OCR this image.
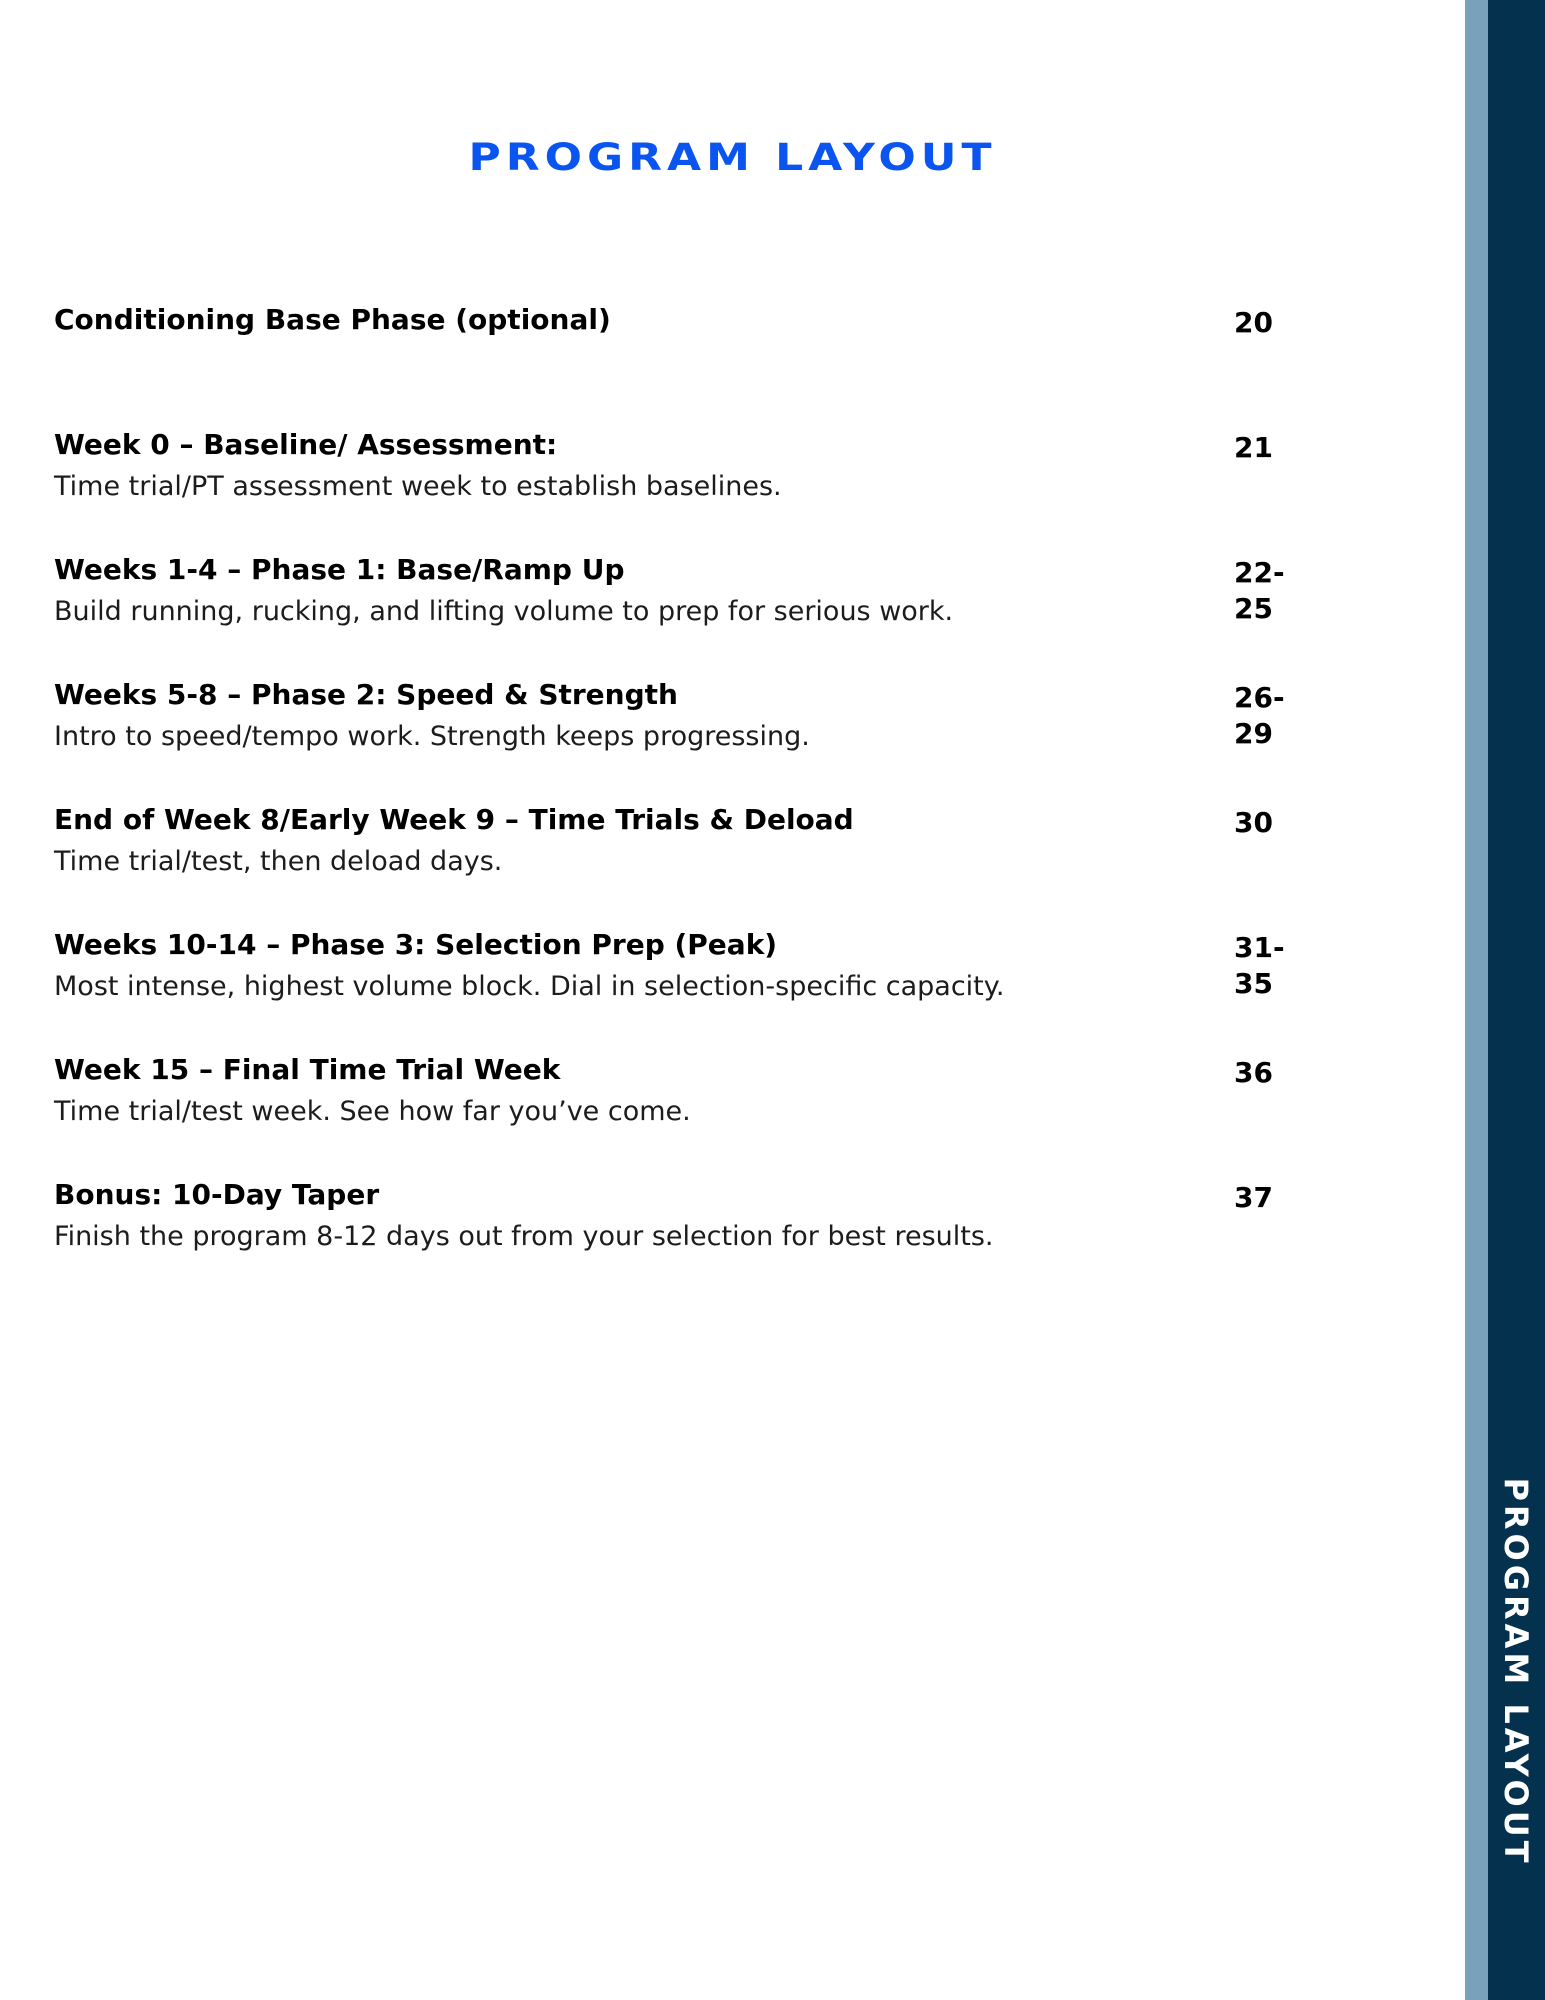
PROGRAM LAYOUT
Conditioning Base Phase (optional)	20
Week 0 – Baseline/ Assessment:
Time trial/PT assessment week to establish baselines.
21
Weeks 1-4 – Phase 1: Base/Ramp Up
Build running, rucking, and lifting volume to prep for serious work.
22-25
Weeks 5-8 – Phase 2: Speed & Strength
Intro to speed/tempo work. Strength keeps progressing.
26-29
End of Week 8/Early Week 9 – Time Trials & Deload
Time trial/test, then deload days.
30
Weeks 10-14 – Phase 3: Selection Prep (Peak)
Most intense, highest volume block. Dial in selection-specific capacity.
31-35
Week 15 – Final Time Trial Week
Time trial/test week. See how far you’ve come.
36
Bonus: 10-Day Taper
Finish the program 8-12 days out from your selection for best results.
37
PROGRAM LAYOUT
